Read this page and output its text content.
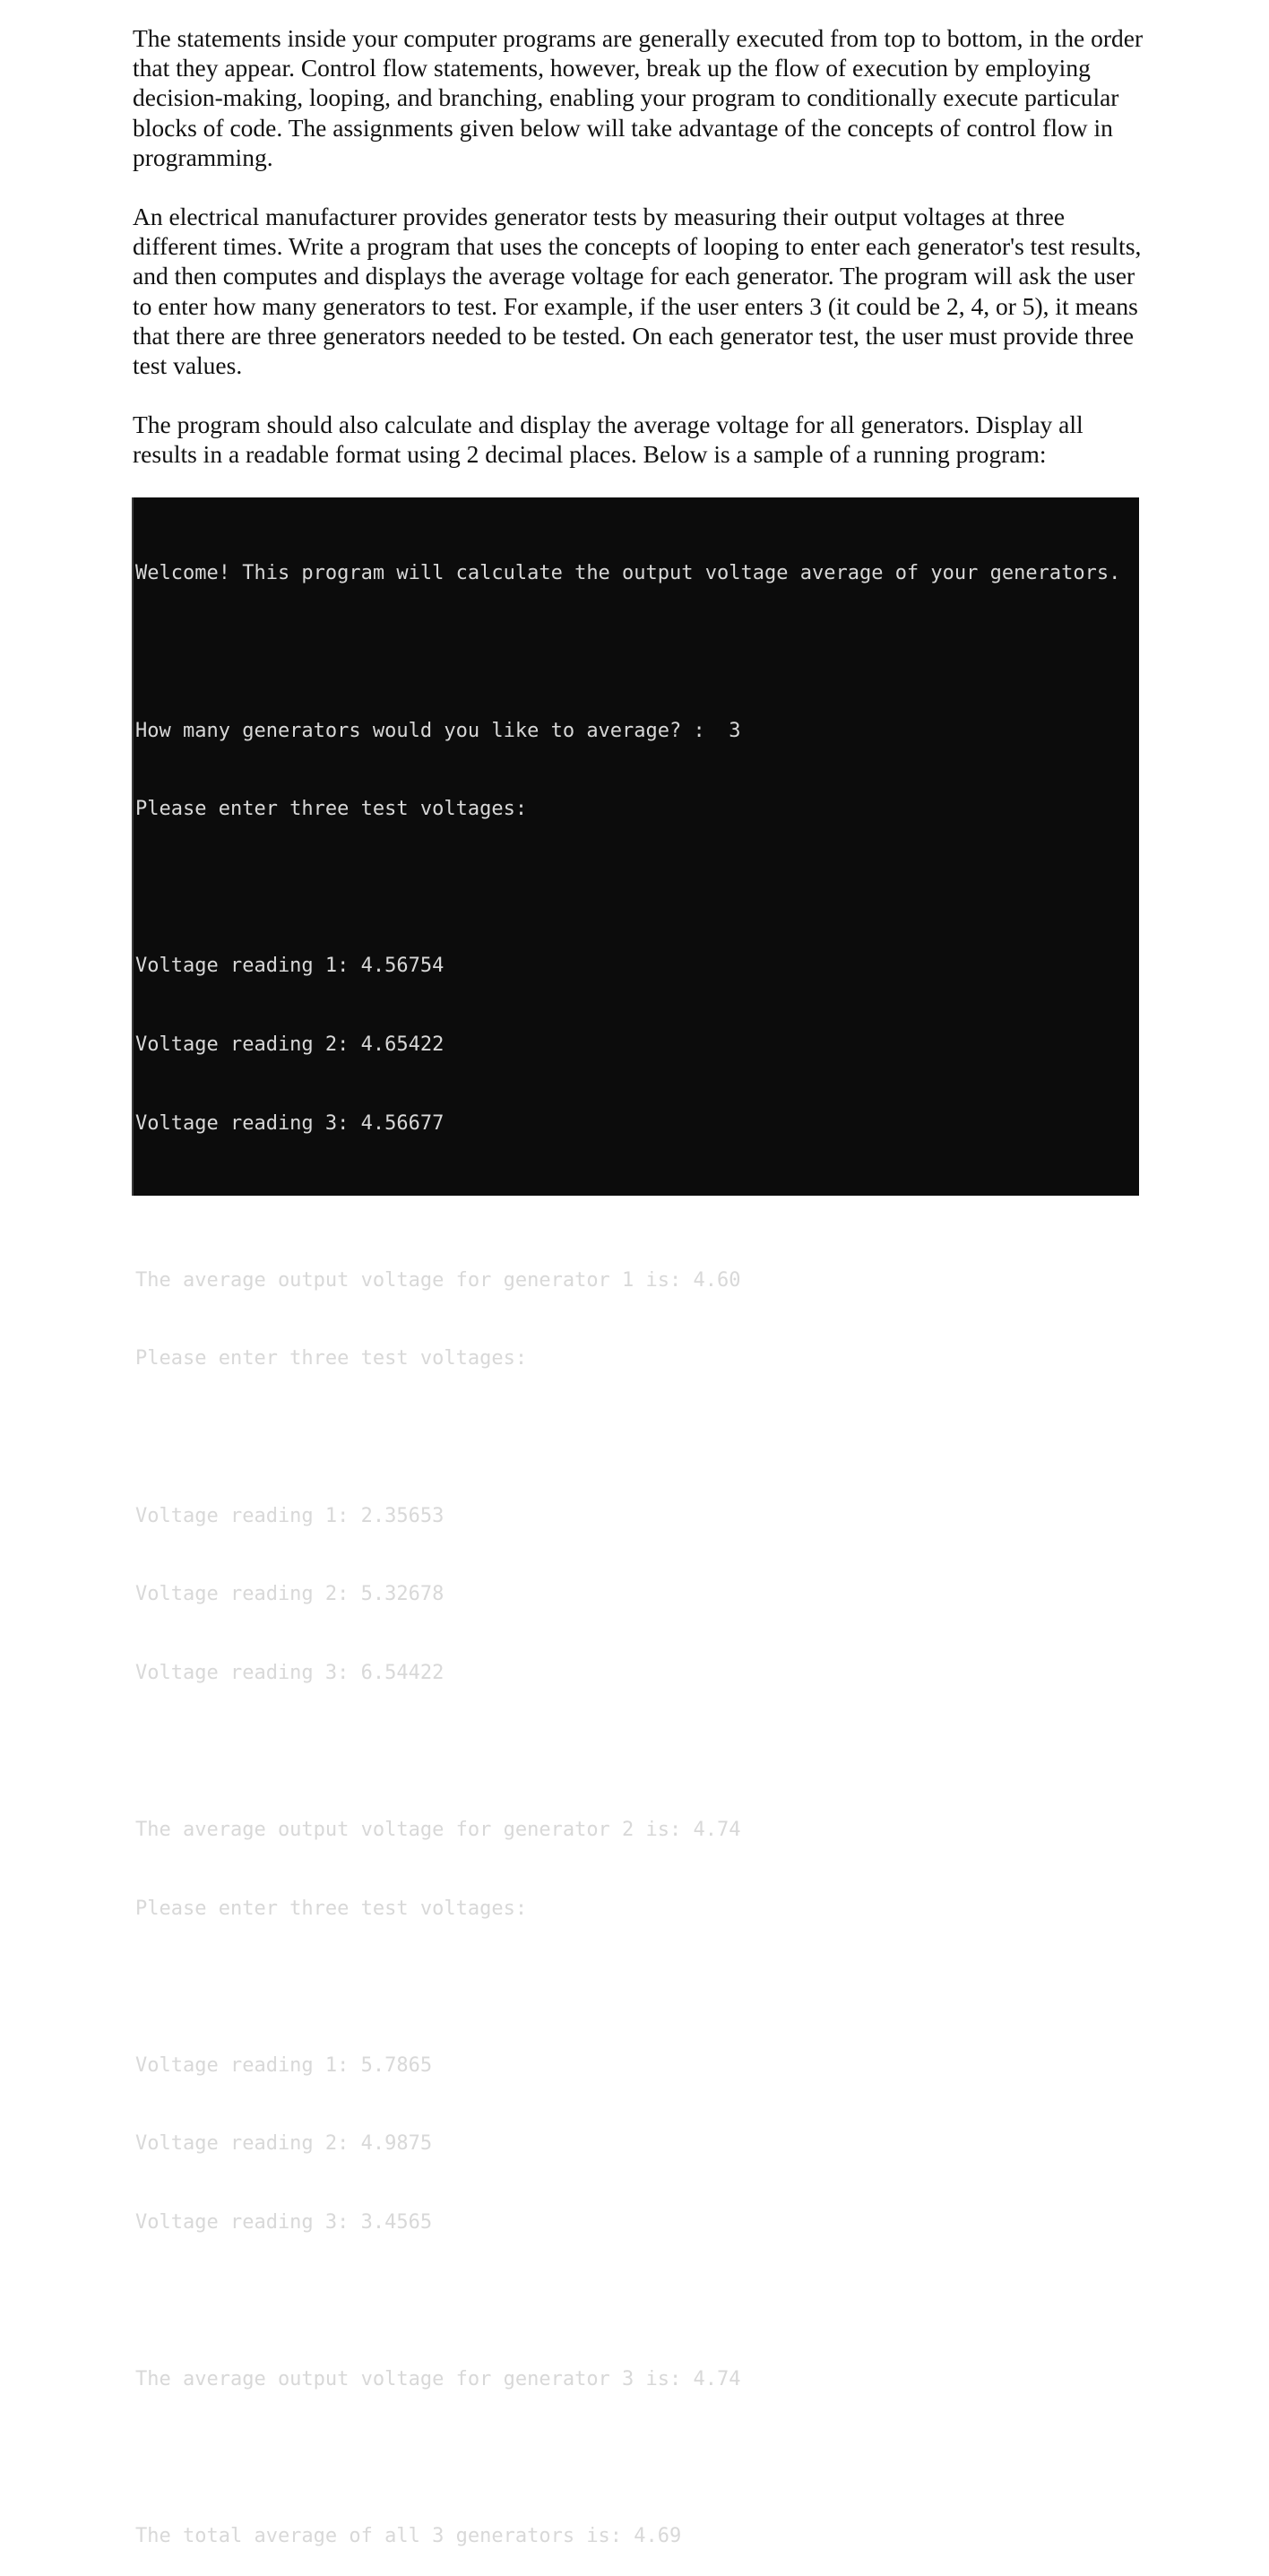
The statements inside your computer programs are generally executed from top to bottom, in the order that they appear. Control flow statements, however, break up the flow of execution by employing decision-making, looping, and branching, enabling your program to conditionally execute particular blocks of code. The assignments given below will take advantage of the concepts of control flow in programming.

An electrical manufacturer provides generator tests by measuring their output voltages at three different times. Write a program that uses the concepts of looping to enter each generator's test results, and then computes and displays the average voltage for each generator. The program will ask the user to enter how many generators to test. For example, if the user enters 3 (it could be 2, 4, or 5), it means that there are three generators needed to be tested. On each generator test, the user must provide three test values.

The program should also calculate and display the average voltage for all generators. Display all results in a readable format using 2 decimal places. Below is a sample of a running program:

Welcome! This program will calculate the output voltage average of your generators.

How many generators would you like to average? :  3

Please enter three test voltages:

Voltage reading 1: 4.56754

Voltage reading 2: 4.65422

Voltage reading 3: 4.56677

The average output voltage for generator 1 is: 4.60

Please enter three test voltages:

Voltage reading 1: 2.35653

Voltage reading 2: 5.32678

Voltage reading 3: 6.54422

The average output voltage for generator 2 is: 4.74

Please enter three test voltages:

Voltage reading 1: 5.7865

Voltage reading 2: 4.9875

Voltage reading 3: 3.4565

The average output voltage for generator 3 is: 4.74

The total average of all 3 generators is: 4.69
